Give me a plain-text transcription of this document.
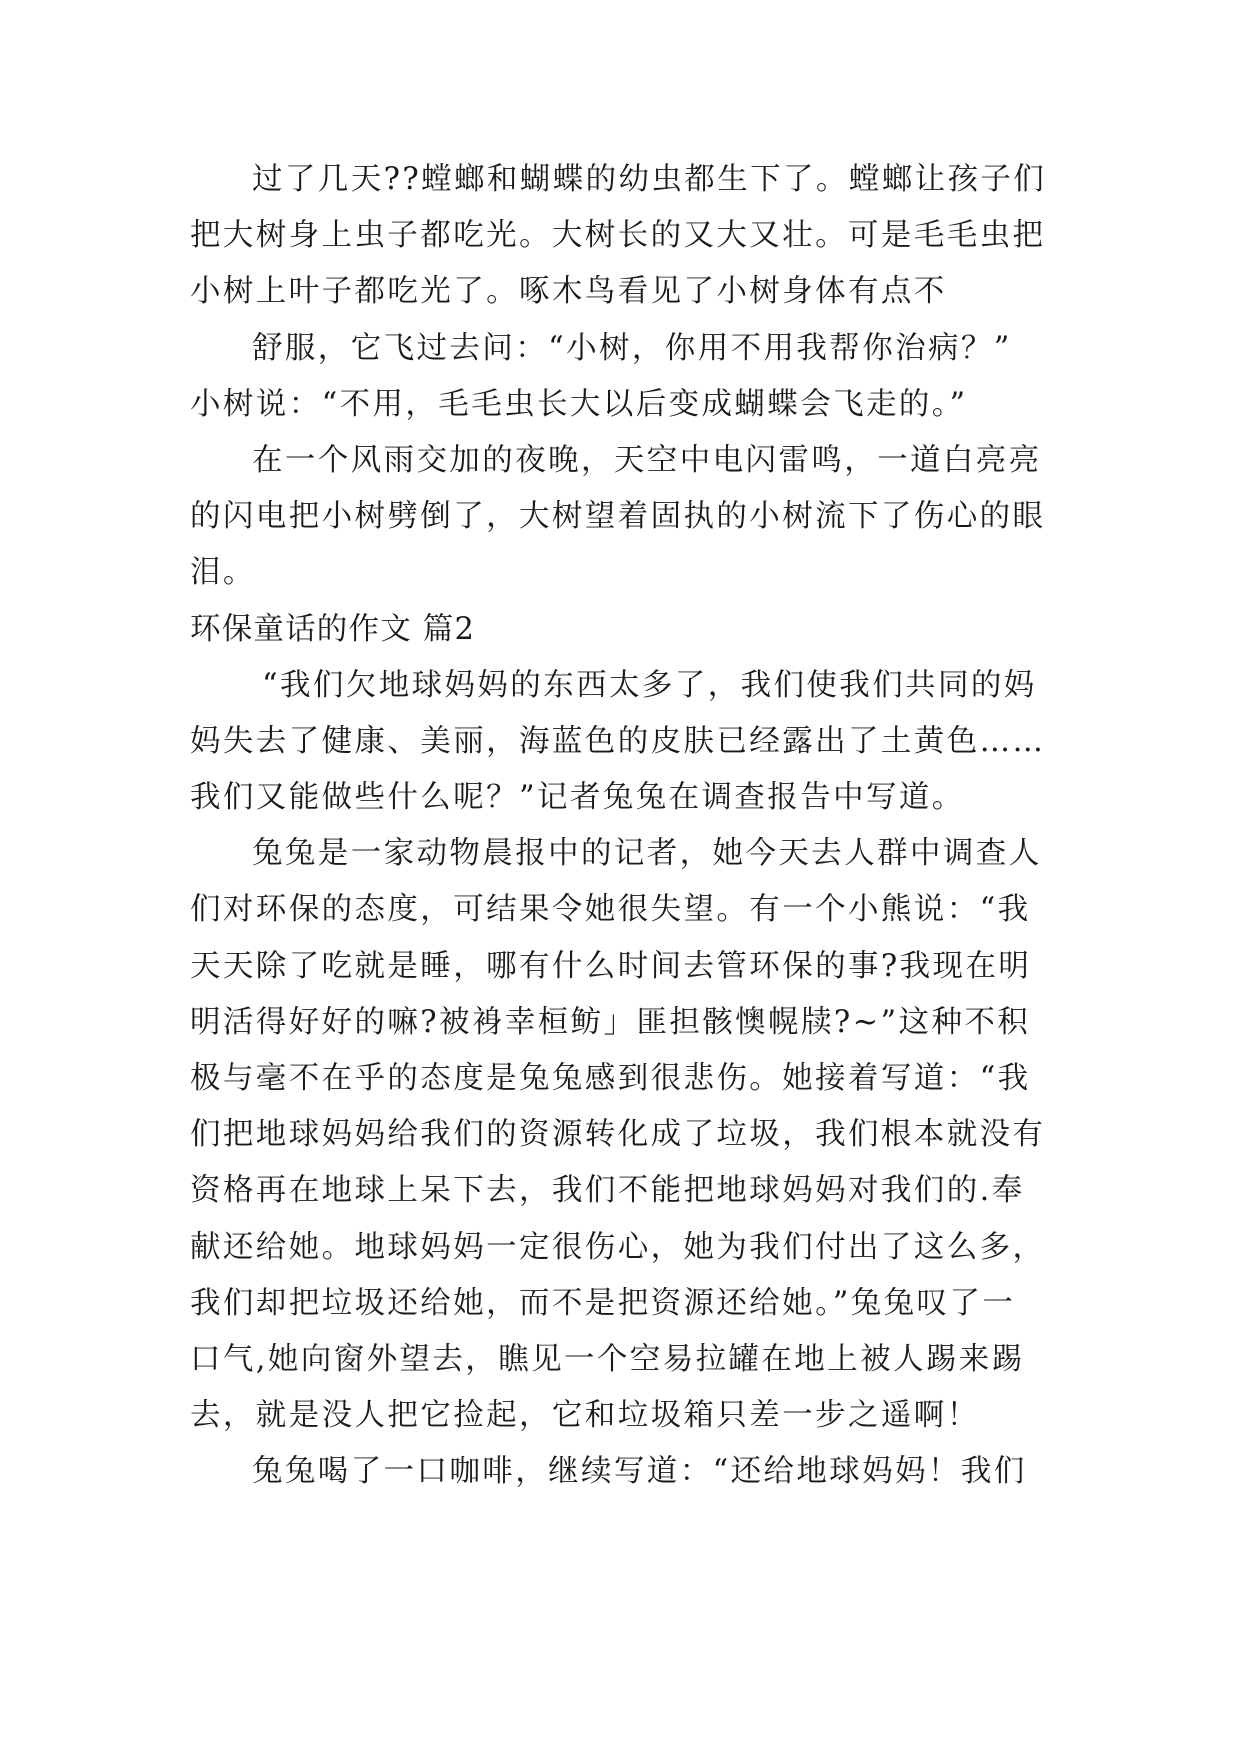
过了几天??螳螂和蝴蝶的幼虫都生下了。螳螂让孩子们
把大树身上虫子都吃光。大树长的又大又壮。可是毛毛虫把
小树上叶子都吃光了。啄木鸟看见了小树身体有点不
舒服，它飞过去问：“小树，你用不用我帮你治病？”
小树说：“不用，毛毛虫长大以后变成蝴蝶会飞走的。”
在一个风雨交加的夜晚，天空中电闪雷鸣，一道白亮亮
的闪电把小树劈倒了，大树望着固执的小树流下了伤心的眼
泪。
环保童话的作文 篇2
“我们欠地球妈妈的东西太多了，我们使我们共同的妈
妈失去了健康、美丽，海蓝色的皮肤已经露出了土黄色……
我们又能做些什么呢？”记者兔兔在调查报告中写道。
兔兔是一家动物晨报中的记者，她今天去人群中调查人
们对环保的态度，可结果令她很失望。有一个小熊说：“我
天天除了吃就是睡，哪有什么时间去管环保的事?我现在明
明活得好好的嘛?被裑幸桓鲂」匪担骸懊幌牍?~”这种不积
极与毫不在乎的态度是兔兔感到很悲伤。她接着写道：“我
们把地球妈妈给我们的资源转化成了垃圾，我们根本就没有
资格再在地球上呆下去，我们不能把地球妈妈对我们的.奉
献还给她。地球妈妈一定很伤心，她为我们付出了这么多，
我们却把垃圾还给她，而不是把资源还给她。”兔兔叹了一
口气,她向窗外望去，瞧见一个空易拉罐在地上被人踢来踢
去，就是没人把它捡起，它和垃圾箱只差一步之遥啊！
兔兔喝了一口咖啡，继续写道：“还给地球妈妈！我们
